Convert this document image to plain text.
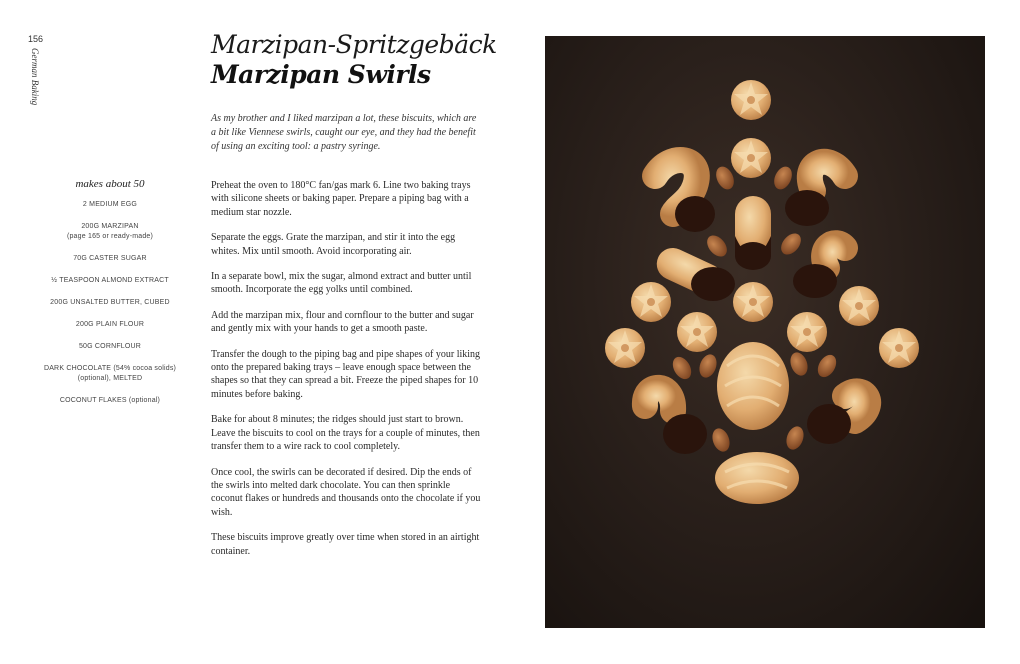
156
German Baking
Marzipan-Spritzgebäck
Marzipan Swirls

As my brother and I liked marzipan a lot, these biscuits, which are a bit like Viennese swirls, caught our eye, and they had the benefit of using an exciting tool: a pastry syringe.

makes about 50
2 MEDIUM EGG
200G MARZIPAN
(page 165 or ready-made)
70G CASTER SUGAR
½ TEASPOON ALMOND EXTRACT
200G UNSALTED BUTTER, CUBED
200G PLAIN FLOUR
50G CORNFLOUR
DARK CHOCOLATE (54% cocoa solids)
(optional), MELTED
COCONUT FLAKES (optional)

Preheat the oven to 180°C fan/gas mark 6. Line two baking trays with silicone sheets or baking paper. Prepare a piping bag with a medium star nozzle.

Separate the eggs. Grate the marzipan, and stir it into the egg whites. Mix until smooth. Avoid incorporating air.

In a separate bowl, mix the sugar, almond extract and butter until smooth. Incorporate the egg yolks until combined.

Add the marzipan mix, flour and cornflour to the butter and sugar and gently mix with your hands to get a smooth paste.

Transfer the dough to the piping bag and pipe shapes of your liking onto the prepared baking trays – leave enough space between the shapes so that they can spread a bit. Freeze the piped shapes for 10 minutes before baking.

Bake for about 8 minutes; the ridges should just start to brown. Leave the biscuits to cool on the trays for a couple of minutes, then transfer them to a wire rack to cool completely.

Once cool, the swirls can be decorated if desired. Dip the ends of the swirls into melted dark chocolate. You can then sprinkle coconut flakes or hundreds and thousands onto the chocolate if you wish.

These biscuits improve greatly over time when stored in an airtight container.
